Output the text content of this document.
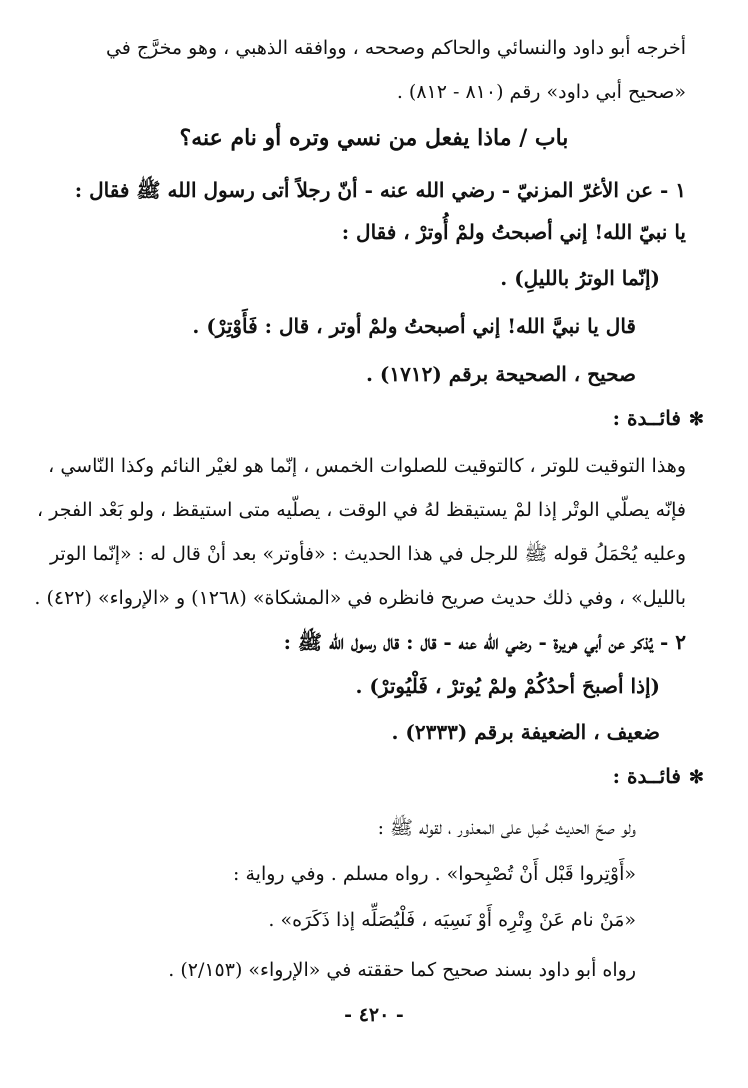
أخرجه أبو داود والنسائي والحاكم وصححه ، ووافقه الذهبي ، وهو مخرَّج في
«صحيح أبي داود» رقم (٨١٠ - ٨١٢) .
باب / ماذا يفعل من نسي وتره أو نام عنه؟
١ - عن الأغرّ المزنيّ - رضي الله عنه - أنّ رجلاً أتى رسول الله ﷺ فقال :
يا نبيّ الله! إني أصبحتُ ولمْ أُوترْ ، فقال :
(إنّما الوترُ بالليلِ) .
قال يا نبيَّ الله! إني أصبحتُ ولمْ أوتر ، قال : فَأَوْتِرْ) .
صحيح ، الصحيحة برقم (١٧١٢) .
✻فائــدة :
وهذا التوقيت للوتر ، كالتوقيت للصلوات الخمس ، إنّما هو لغيْر النائم وكذا النّاسي ،
فإنّه يصلّي الوتْر إذا لمْ يستيقظ لهُ في الوقت ، يصلّيه متى استيقظ ، ولو بَعْد الفجر ،
وعليه يُحْمَلُ قوله ﷺ للرجل في هذا الحديث : «فأوتر» بعد أنْ قال له : «إنّما الوتر
بالليل» ، وفي ذلك حديث صريح فانظره في «المشكاة» (١٢٦٨) و «الإرواء» (٤٢٢) .
٢ - يُذكر عن أبي هريرة - رضي الله عنه - قال : قال رسول الله ﷺ :
(إذا أصبحَ أحدُكُمْ ولمْ يُوترْ ، فَلْيُوترْ) .
ضعيف ، الضعيفة برقم (٢٣٣٣) .
✻فائــدة :
ولو صحّ الحديث حُمِل على المعذور ، لقوله ﷺ :
«أَوْتِروا قَبْل أَنْ تُصْبِحوا» . رواه مسلم . وفي رواية :
«مَنْ نام عَنْ وِتْرِه أَوْ نَسِيَه ، فَلْيُصَلِّه إذا ذَكَرَه» .
رواه أبو داود بسند صحيح كما حققته في «الإرواء» (٢/١٥٣) .
- ٤٢٠ -
